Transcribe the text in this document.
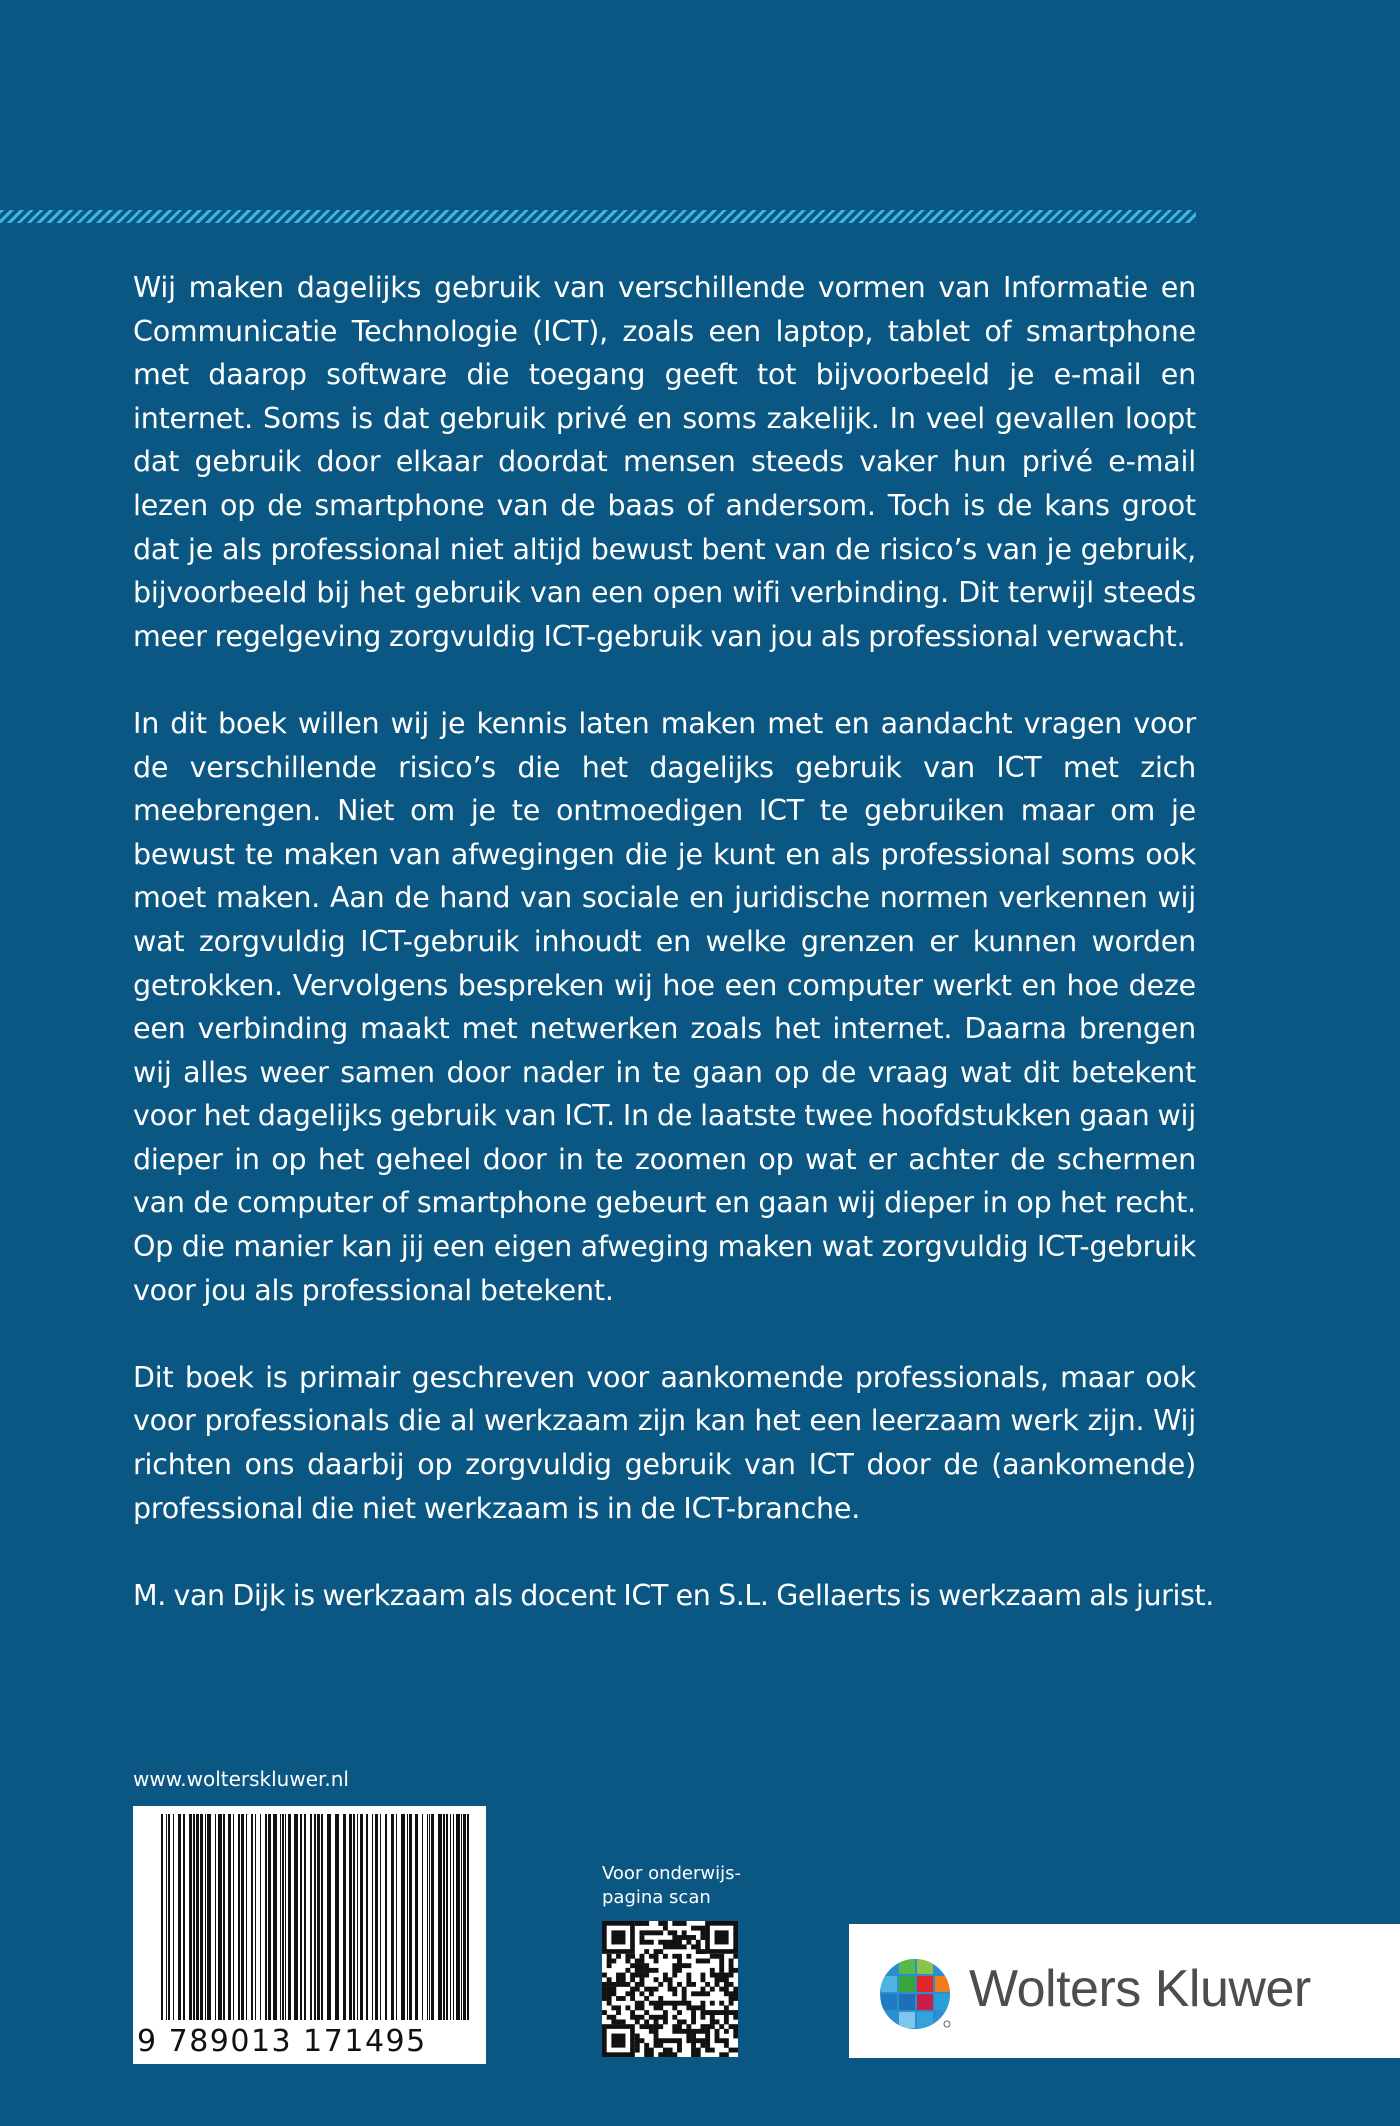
Wij maken dagelijks gebruik van verschillende vormen van Informatie en Communicatie Technologie (ICT), zoals een laptop, tablet of smartphone met daarop software die toegang geeft tot bijvoorbeeld je e-mail en internet. Soms is dat gebruik privé en soms zakelijk. In veel gevallen loopt dat gebruik door elkaar doordat mensen steeds vaker hun privé e-mail lezen op de smartphone van de baas of andersom. Toch is de kans groot dat je als professional niet altijd bewust bent van de risico’s van je gebruik, bijvoorbeeld bij het gebruik van een open wifi verbinding. Dit terwijl steeds meer regelgeving zorgvuldig ICT-gebruik van jou als professional verwacht.

In dit boek willen wij je kennis laten maken met en aandacht vragen voor de verschillende risico’s die het dagelijks gebruik van ICT met zich meebrengen. Niet om je te ontmoedigen ICT te gebruiken maar om je bewust te maken van afwegingen die je kunt en als professional soms ook moet maken. Aan de hand van sociale en juridische normen verkennen wij wat zorgvuldig ICT-gebruik inhoudt en welke grenzen er kunnen worden getrokken. Vervolgens bespreken wij hoe een computer werkt en hoe deze een verbinding maakt met netwerken zoals het internet. Daarna brengen wij alles weer samen door nader in te gaan op de vraag wat dit betekent voor het dagelijks gebruik van ICT. In de laatste twee hoofdstukken gaan wij dieper in op het geheel door in te zoomen op wat er achter de schermen van de computer of smartphone gebeurt en gaan wij dieper in op het recht. Op die manier kan jij een eigen afweging maken wat zorgvuldig ICT-gebruik voor jou als professional betekent.

Dit boek is primair geschreven voor aankomende professionals, maar ook voor professionals die al werkzaam zijn kan het een leerzaam werk zijn. Wij richten ons daarbij op zorgvuldig gebruik van ICT door de (aankomende) professional die niet werkzaam is in de ICT-branche.

M. van Dijk is werkzaam als docent ICT en S.L. Gellaerts is werkzaam als jurist.

www.wolterskluwer.nl
9 789013 171495
Voor onderwijs-
pagina scan
Wolters Kluwer
